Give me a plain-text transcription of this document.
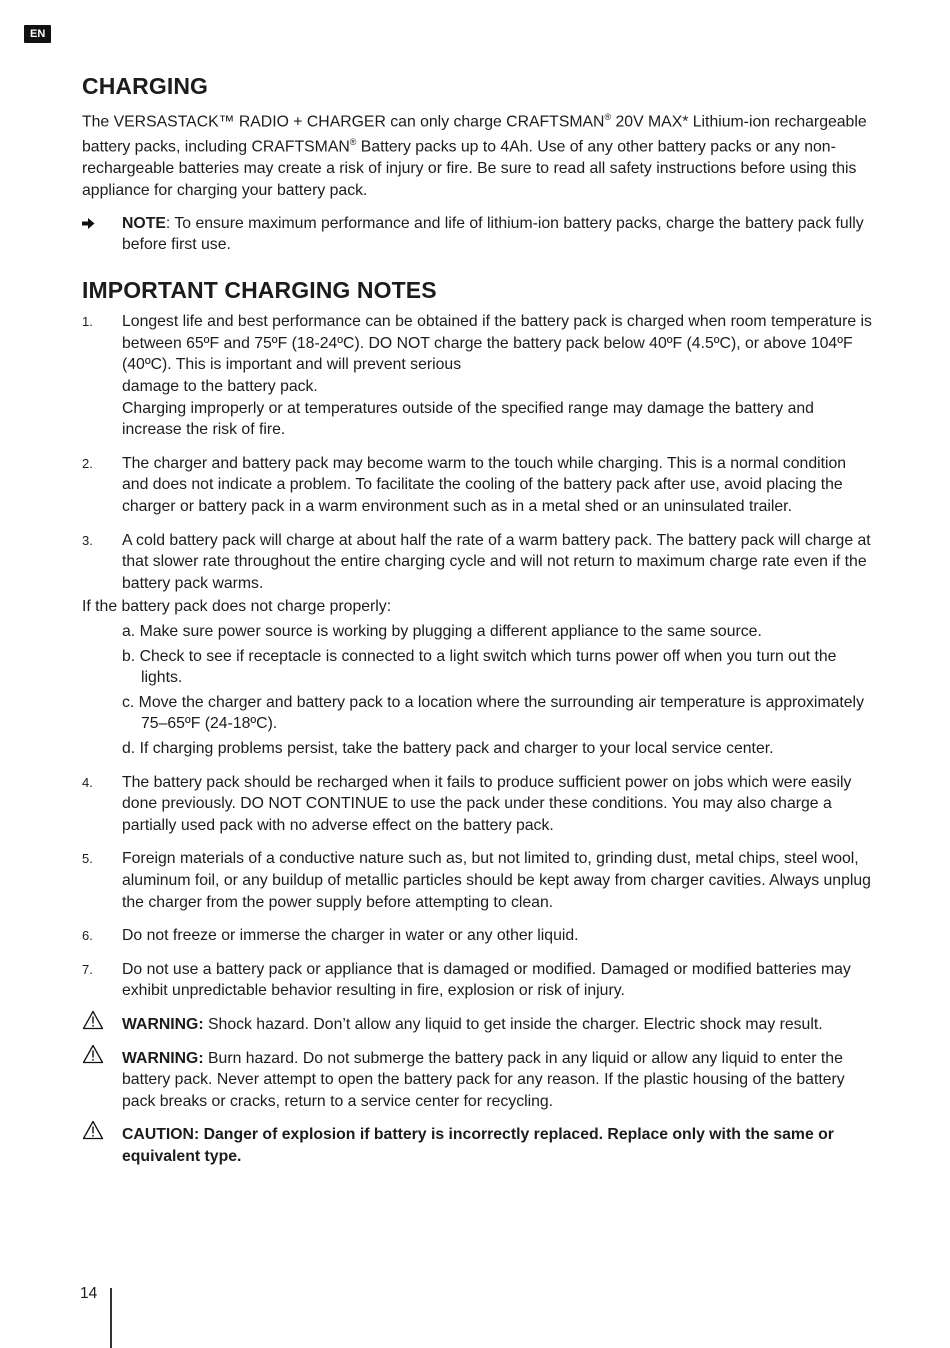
EN
CHARGING

The VERSASTACK™ RADIO + CHARGER can only charge CRAFTSMAN® 20V MAX* Lithium-ion rechargeable battery packs, including CRAFTSMAN® Battery packs up to 4Ah. Use of any other battery packs or any non-rechargeable batteries may create a risk of injury or fire. Be sure to read all safety instructions before using this appliance for charging your battery pack.

NOTE: To ensure maximum performance and life of lithium-ion battery packs, charge the battery pack fully before first use.

IMPORTANT CHARGING NOTES
1. Longest life and best performance can be obtained if the battery pack is charged when room temperature is between 65ºF and 75ºF (18-24ºC). DO NOT charge the battery pack below 40ºF (4.5ºC), or above 104ºF (40ºC). This is important and will prevent serious

damage to the battery pack.

Charging improperly or at temperatures outside of the specified range may damage the battery and increase the risk of fire.

2. The charger and battery pack may become warm to the touch while charging. This is a normal condition and does not indicate a problem. To facilitate the cooling of the battery pack after use, avoid placing the charger or battery pack in a warm environment such as in a metal shed or an uninsulated trailer.

3. A cold battery pack will charge at about half the rate of a warm battery pack. The battery pack will charge at that slower rate throughout the entire charging cycle and will not return to maximum charge rate even if the battery pack warms.

If the battery pack does not charge properly:

a. Make sure power source is working by plugging a different appliance to the same source.

b. Check to see if receptacle is connected to a light switch which turns power off when you turn out the lights.

c. Move the charger and battery pack to a location where the surrounding air temperature is approximately 75–65ºF (24-18ºC).

d. If charging problems persist, take the battery pack and charger to your local service center.

4. The battery pack should be recharged when it fails to produce sufficient power on jobs which were easily done previously. DO NOT CONTINUE to use the pack under these conditions. You may also charge a partially used pack with no adverse effect on the battery pack.

5. Foreign materials of a conductive nature such as, but not limited to, grinding dust, metal chips, steel wool, aluminum foil, or any buildup of metallic particles should be kept away from charger cavities. Always unplug the charger from the power supply before attempting to clean.

6. Do not freeze or immerse the charger in water or any other liquid.

7. Do not use a battery pack or appliance that is damaged or modified. Damaged or modified batteries may exhibit unpredictable behavior resulting in fire, explosion or risk of injury.

WARNING: Shock hazard. Don’t allow any liquid to get inside the charger. Electric shock may result.

WARNING: Burn hazard. Do not submerge the battery pack in any liquid or allow any liquid to enter the battery pack. Never attempt to open the battery pack for any reason. If the plastic housing of the battery pack breaks or cracks, return to a service center for recycling.

CAUTION: Danger of explosion if battery is incorrectly replaced. Replace only with the same or equivalent type.

14
